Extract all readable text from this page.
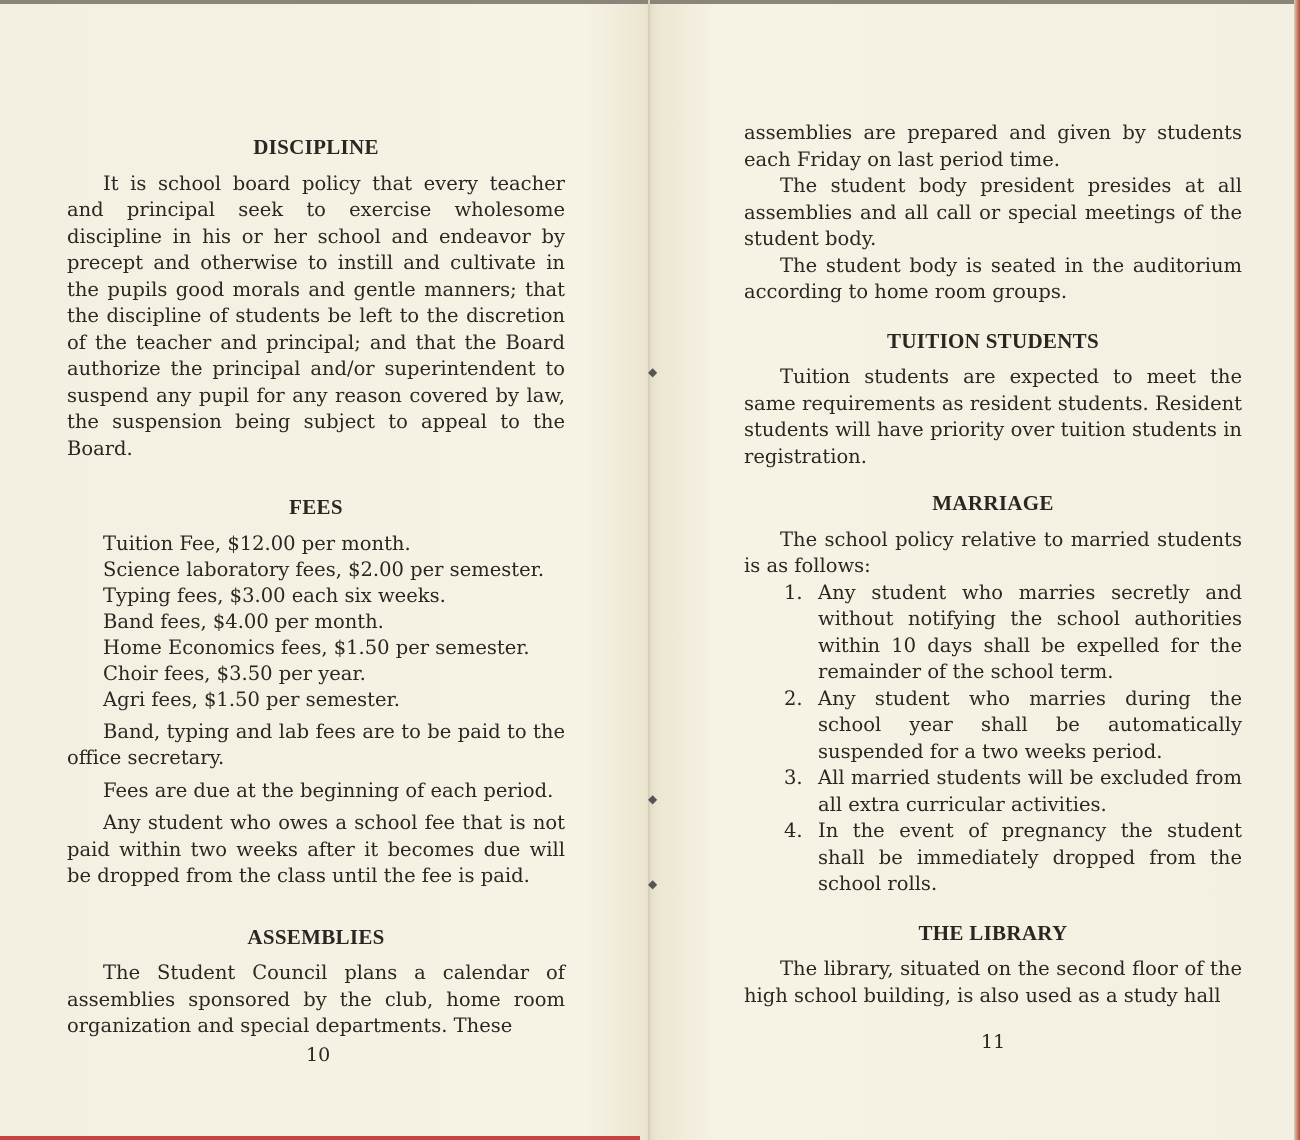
◆
◆
◆
DISCIPLINE

It is school board policy that every teacher and principal seek to exercise wholesome discipline in his or her school and endeavor by precept and otherwise to instill and cultivate in the pupils good morals and gentle manners; that the discipline of students be left to the discretion of the teacher and principal; and that the Board authorize the principal and/or superintendent to suspend any pupil for any reason covered by law, the suspension being subject to appeal to the Board.

FEES
Tuition Fee, $12.00 per month.
Science laboratory fees, $2.00 per semester.
Typing fees, $3.00 each six weeks.
Band fees, $4.00 per month.
Home Economics fees, $1.50 per semester.
Choir fees, $3.50 per year.
Agri fees, $1.50 per semester.

Band, typing and lab fees are to be paid to the office secretary.

Fees are due at the beginning of each period.

Any student who owes a school fee that is not paid within two weeks after it becomes due will be dropped from the class until the fee is paid.

ASSEMBLIES

The Student Council plans a calendar of assemblies sponsored by the club, home room organization and special departments. These

10

assemblies are prepared and given by students each Friday on last period time.

The student body president presides at all assemblies and all call or special meetings of the student body.

The student body is seated in the auditorium according to home room groups.

TUITION STUDENTS

Tuition students are expected to meet the same requirements as resident students. Resident students will have priority over tuition students in registration.

MARRIAGE

The school policy relative to married students is as follows:

1. Any student who marries secretly and without notifying the school authorities within 10 days shall be expelled for the remainder of the school term.
2. Any student who marries during the school year shall be automatically suspended for a two weeks period.
3. All married students will be excluded from all extra curricular activities.
4. In the event of pregnancy the student shall be immediately dropped from the school rolls.
THE LIBRARY

The library, situated on the second floor of the high school building, is also used as a study hall

11
